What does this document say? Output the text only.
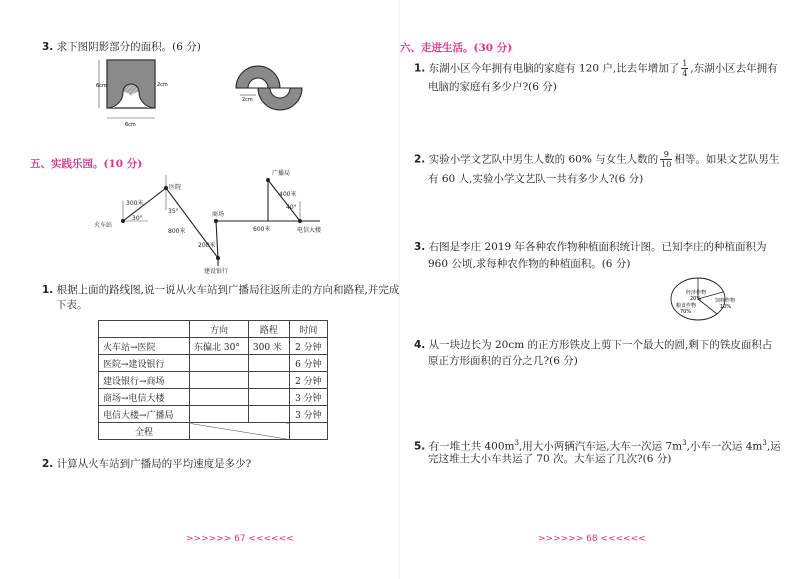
3. 求下图阴影部分的面积。(6 分)
6cm
6cm
2cm
2cm
五、实践乐园。(10 分)
火车站
医院
商场
广播局
建设银行
电信大楼
300米
30°
35°
800米
200米
600米
400米
40°
1. 根据上面的路线图,说一说从火车站到广播局往返所走的方向和路程,并完成
下表。
	方向	路程	时间
火车站→医院	东偏北 30°	300 米	2 分钟
医院→建设银行			6 分钟
建设银行→商场			2 分钟
商场→电信大楼			3 分钟
电信大楼→广播局			3 分钟
全程			
2. 计算从火车站到广播局的平均速度是多少?
>>>>>> 67 <<<<<<
六、走进生活。(30 分)
1. 东湖小区今年拥有电脑的家庭有 120 户,比去年增加了 $\frac{1}{4}$ ,东湖小区去年拥有
电脑的家庭有多少户?(6 分)
2. 实验小学文艺队中男生人数的 60% 与女生人数的 $\frac{9}{10}$ 相等。如果文艺队男生
有 60 人,实验小学文艺队一共有多少人?(6 分)
3. 右图是李庄 2019 年各种农作物种植面积统计图。已知李庄的种植面积为
960 公顷,求每种农作物的种植面积。(6 分)
经济作物
20%	饲料作物
10%
粮食作物
70%
4. 从一块边长为 20cm 的正方形铁皮上剪下一个最大的圆,剩下的铁皮面积占
原正方形面积的百分之几?(6 分)
5. 有一堆土共 $400m^3$,用大小两辆汽车运,大车一次运 $7m^3$,小车一次运 $4m^3$,运
完这堆土大小车共运了 70 次。大车运了几次?(6 分)
>>>>>> 68 <<<<<<
